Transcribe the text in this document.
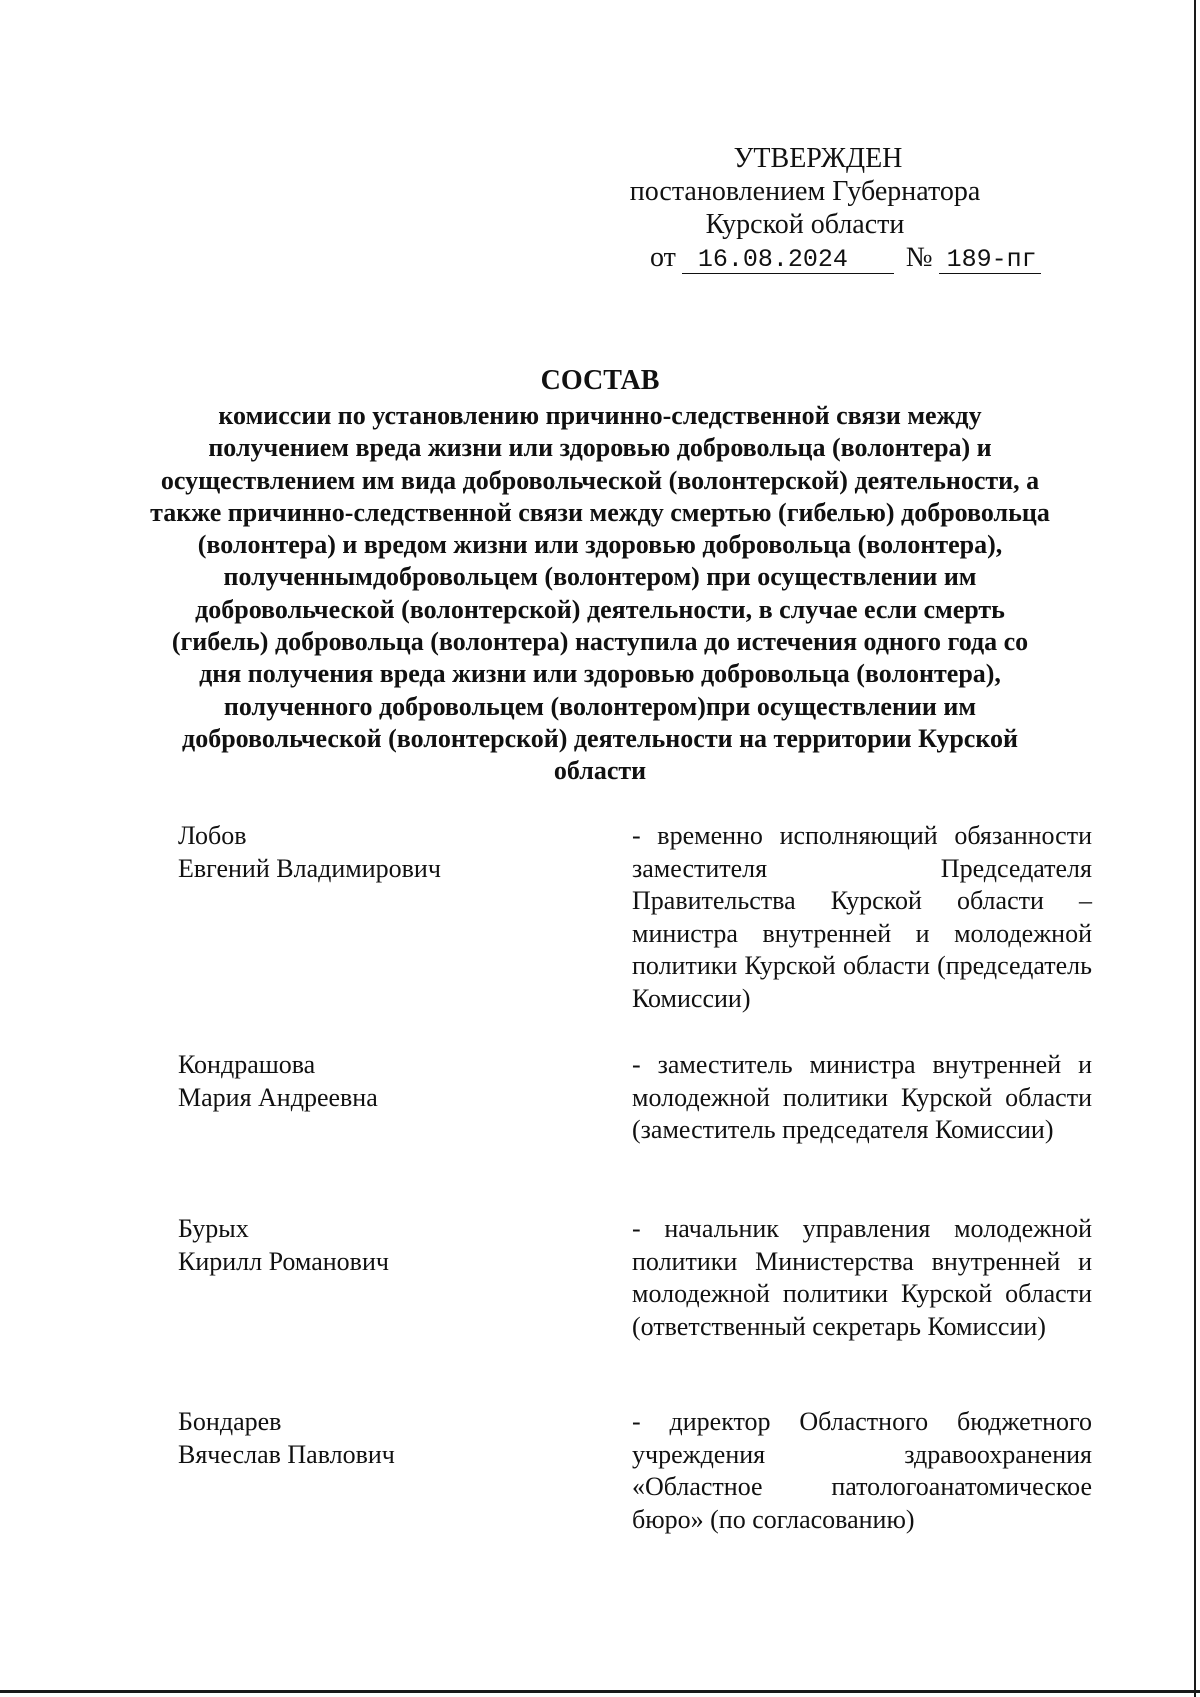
УТВЕРЖДЕН
постановлением Губернатора
Курской области
от 16.08.2024 № 189-пг
СОСТАВ

комиссии по установлению причинно-следственной связи между получением вреда жизни или здоровью добровольца (волонтера) и осуществлением им вида добровольческой (волонтерской) деятельности, а также причинно-следственной связи между смертью (гибелью) добровольца (волонтера) и вредом жизни или здоровью добровольца (волонтера), полученнымдобровольцем (волонтером) при осуществлении им добровольческой (волонтерской) деятельности, в случае если смерть (гибель) добровольца (волонтера) наступила до истечения одного года со дня получения вреда жизни или здоровью добровольца (волонтера), полученного добровольцем (волонтером)при осуществлении им добровольческой (волонтерской) деятельности на территории Курской области

Лобов
Евгений Владимирович
- временно исполняющий обязанности заместителя Председателя Правительства Курской области – министра внутренней и молодежной политики Курской области (председатель Комиссии)
Кондрашова
Мария Андреевна
- заместитель министра внутренней и молодежной политики Курской области (заместитель председателя Комиссии)
Бурых
Кирилл Романович
- начальник управления молодежной политики Министерства внутренней и молодежной политики Курской области (ответственный секретарь Комиссии)
Бондарев
Вячеслав Павлович
- директор Областного бюджетного учреждения здравоохранения «Областное патологоанатомическое бюро» (по согласованию)
